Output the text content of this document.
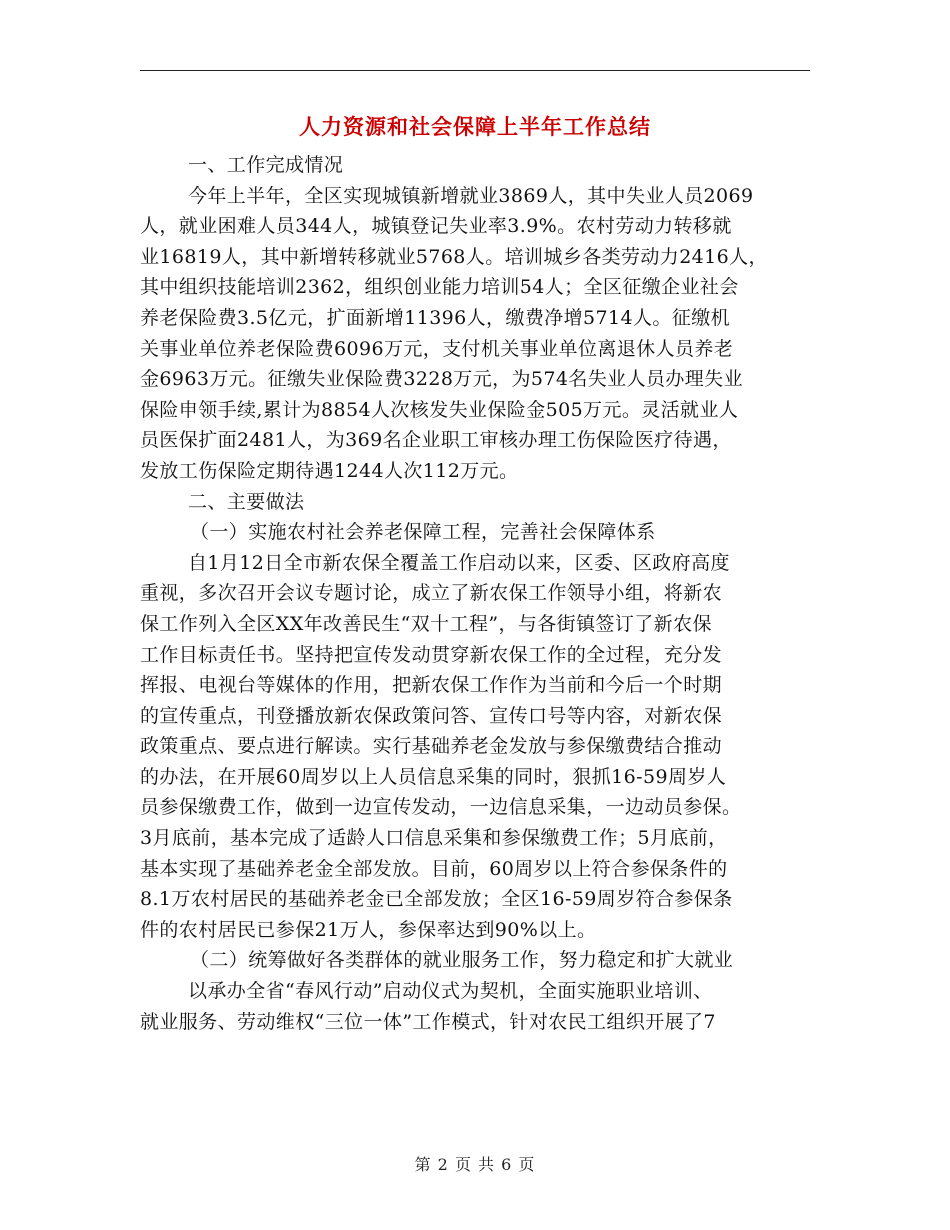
人力资源和社会保障上半年工作总结
一、工作完成情况
今年上半年，全区实现城镇新增就业3869人，其中失业人员2069
人，就业困难人员344人，城镇登记失业率3.9%。农村劳动力转移就
业16819人，其中新增转移就业5768人。培训城乡各类劳动力2416人，
其中组织技能培训2362，组织创业能力培训54人；全区征缴企业社会
养老保险费3.5亿元，扩面新增11396人，缴费净增5714人。征缴机
关事业单位养老保险费6096万元，支付机关事业单位离退休人员养老
金6963万元。征缴失业保险费3228万元，为574名失业人员办理失业
保险申领手续,累计为8854人次核发失业保险金505万元。灵活就业人
员医保扩面2481人，为369名企业职工审核办理工伤保险医疗待遇，
发放工伤保险定期待遇1244人次112万元。
二、主要做法
（一）实施农村社会养老保障工程，完善社会保障体系
自1月12日全市新农保全覆盖工作启动以来，区委、区政府高度
重视，多次召开会议专题讨论，成立了新农保工作领导小组，将新农
保工作列入全区XX年改善民生“双十工程”，与各街镇签订了新农保
工作目标责任书。坚持把宣传发动贯穿新农保工作的全过程，充分发
挥报、电视台等媒体的作用，把新农保工作作为当前和今后一个时期
的宣传重点，刊登播放新农保政策问答、宣传口号等内容，对新农保
政策重点、要点进行解读。实行基础养老金发放与参保缴费结合推动
的办法，在开展60周岁以上人员信息采集的同时，狠抓16-59周岁人
员参保缴费工作，做到一边宣传发动，一边信息采集，一边动员参保。
3月底前，基本完成了适龄人口信息采集和参保缴费工作；5月底前，
基本实现了基础养老金全部发放。目前，60周岁以上符合参保条件的
8.1万农村居民的基础养老金已全部发放；全区16-59周岁符合参保条
件的农村居民已参保21万人，参保率达到90%以上。
（二）统筹做好各类群体的就业服务工作，努力稳定和扩大就业
以承办全省“春风行动”启动仪式为契机，全面实施职业培训、
就业服务、劳动维权“三位一体”工作模式，针对农民工组织开展了7
第 2 页 共 6 页
